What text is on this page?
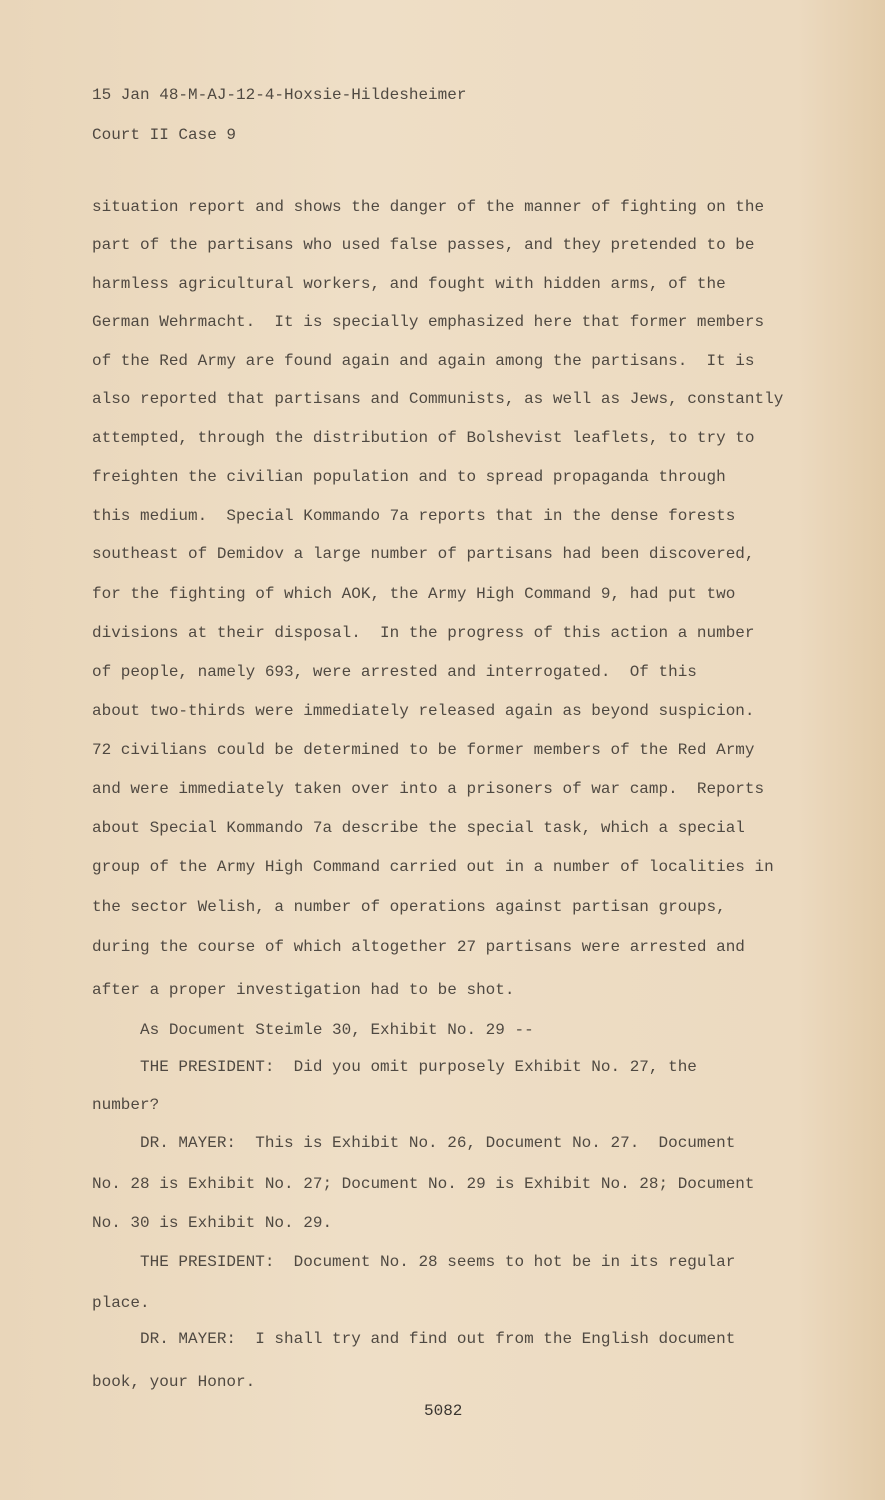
15 Jan 48-M-AJ-12-4-Hoxsie-Hildesheimer
Court II Case 9
situation report and shows the danger of the manner of fighting on the
part of the partisans who used false passes, and they pretended to be
harmless agricultural workers, and fought with hidden arms, of the
German Wehrmacht.  It is specially emphasized here that former members
of the Red Army are found again and again among the partisans.  It is
also reported that partisans and Communists, as well as Jews, constantly
attempted, through the distribution of Bolshevist leaflets, to try to
freighten the civilian population and to spread propaganda through
this medium.  Special Kommando 7a reports that in the dense forests
southeast of Demidov a large number of partisans had been discovered,
for the fighting of which AOK, the Army High Command 9, had put two
divisions at their disposal.  In the progress of this action a number
of people, namely 693, were arrested and interrogated.  Of this
about two-thirds were immediately released again as beyond suspicion.
72 civilians could be determined to be former members of the Red Army
and were immediately taken over into a prisoners of war camp.  Reports
about Special Kommando 7a describe the special task, which a special
group of the Army High Command carried out in a number of localities in
the sector Welish, a number of operations against partisan groups,
during the course of which altogether 27 partisans were arrested and
after a proper investigation had to be shot.
As Document Steimle 30, Exhibit No. 29 --
THE PRESIDENT:  Did you omit purposely Exhibit No. 27, the
number?
DR. MAYER:  This is Exhibit No. 26, Document No. 27.  Document
No. 28 is Exhibit No. 27; Document No. 29 is Exhibit No. 28; Document
No. 30 is Exhibit No. 29.
THE PRESIDENT:  Document No. 28 seems to hot be in its regular
place.
DR. MAYER:  I shall try and find out from the English document
book, your Honor.
5082
